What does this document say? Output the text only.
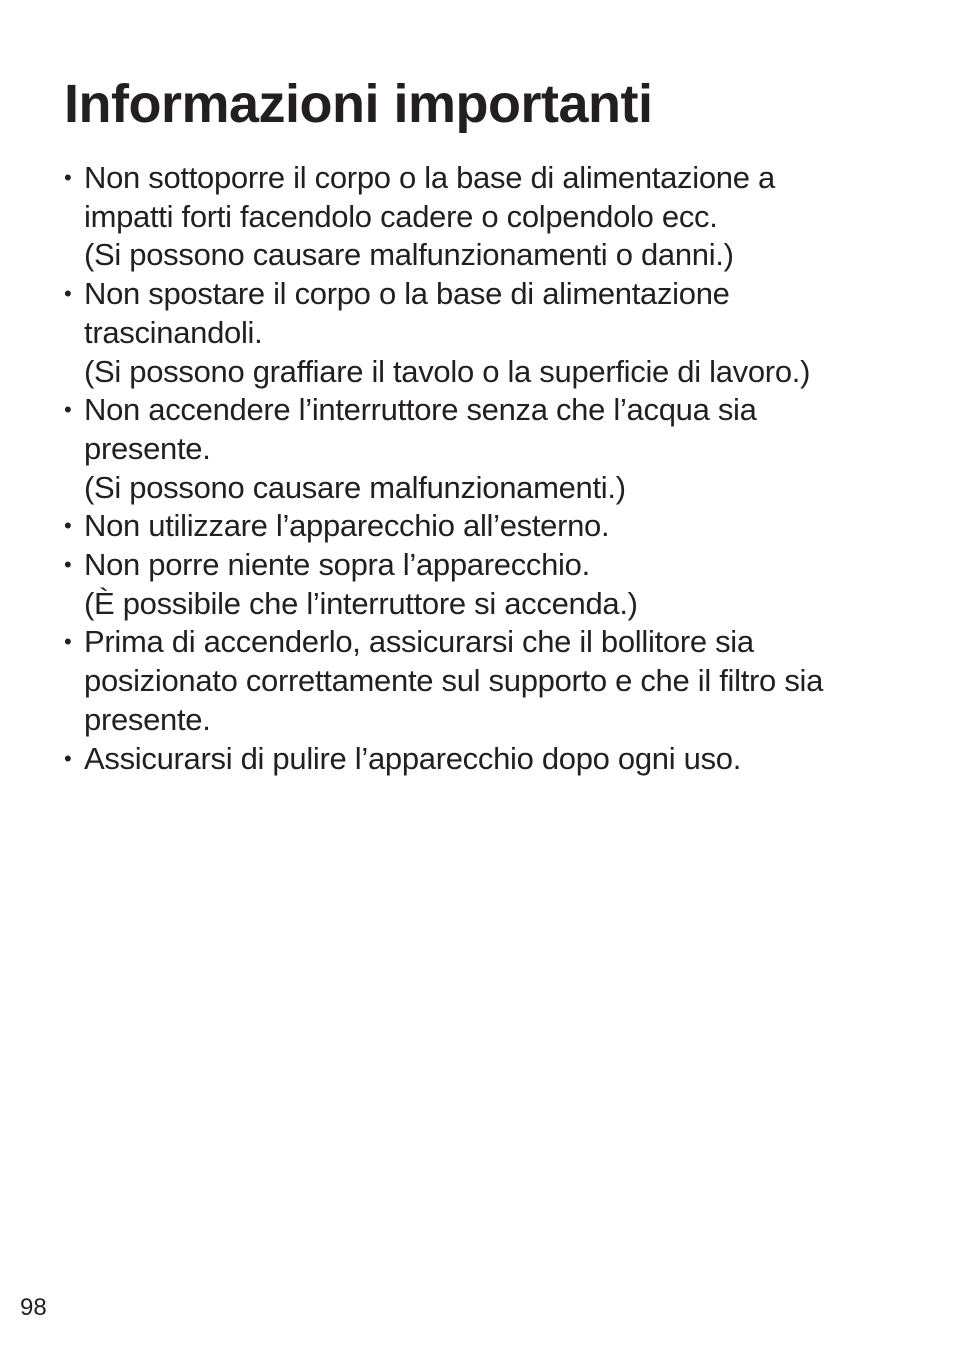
Informazioni importanti
• Non sottoporre il corpo o la base di alimentazione a
impatti forti facendolo cadere o colpendolo ecc.
(Si possono causare malfunzionamenti o danni.)
• Non spostare il corpo o la base di alimentazione
trascinandoli.
(Si possono graffiare il tavolo o la superficie di lavoro.)
• Non accendere l’interruttore senza che l’acqua sia
presente.
(Si possono causare malfunzionamenti.)
• Non utilizzare l’apparecchio all’esterno.
• Non porre niente sopra l’apparecchio.
(È possibile che l’interruttore si accenda.)
• Prima di accenderlo, assicurarsi che il bollitore sia
posizionato correttamente sul supporto e che il filtro sia
presente.
• Assicurarsi di pulire l’apparecchio dopo ogni uso.
98
